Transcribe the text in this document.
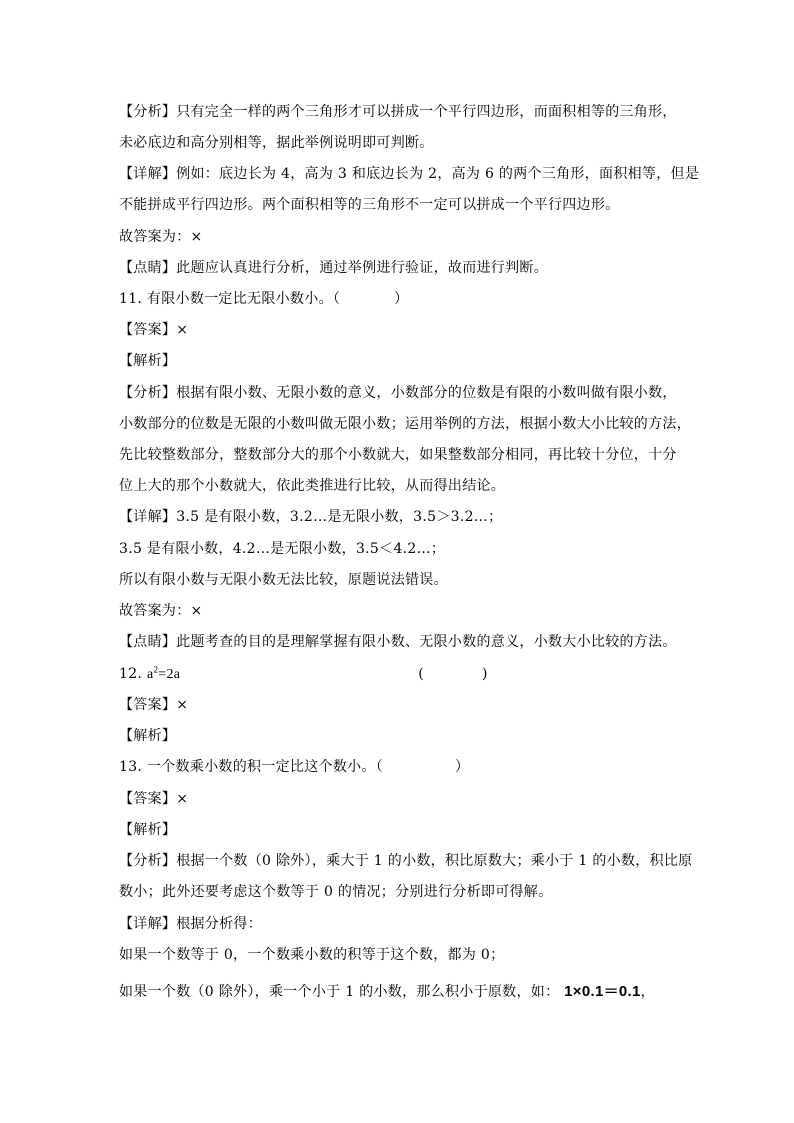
【分析】只有完全一样的两个三角形才可以拼成一个平行四边形，而面积相等的三角形，
未必底边和高分别相等，据此举例说明即可判断。
【详解】例如：底边长为 4，高为 3 和底边长为 2，高为 6 的两个三角形，面积相等，但是
不能拼成平行四边形。两个面积相等的三角形不一定可以拼成一个平行四边形。
故答案为：×
【点睛】此题应认真进行分析，通过举例进行验证，故而进行判断。
11. 有限小数一定比无限小数小。（	）
【答案】×
【解析】
【分析】根据有限小数、无限小数的意义，小数部分的位数是有限的小数叫做有限小数，
小数部分的位数是无限的小数叫做无限小数；运用举例的方法，根据小数大小比较的方法，
先比较整数部分，整数部分大的那个小数就大，如果整数部分相同，再比较十分位，十分
位上大的那个小数就大，依此类推进行比较，从而得出结论。
【详解】3.5 是有限小数，3.2…是无限小数，3.5＞3.2…；
3.5 是有限小数，4.2…是无限小数，3.5＜4.2…；
所以有限小数与无限小数无法比较，原题说法错误。
故答案为：×
【点睛】此题考查的目的是理解掌握有限小数、无限小数的意义，小数大小比较的方法。
12. $a^2=2a$	(	)
【答案】×
【解析】
13. 一个数乘小数的积一定比这个数小。（	）
【答案】×
【解析】
【分析】根据一个数（0 除外），乘大于 1 的小数，积比原数大；乘小于 1 的小数，积比原
数小；此外还要考虑这个数等于 0 的情况；分别进行分析即可得解。
【详解】根据分析得：
如果一个数等于 0，一个数乘小数的积等于这个数，都为 0；
如果一个数（0 除外），乘一个小于 1 的小数，那么积小于原数，如： 1×0.1＝0.1，
